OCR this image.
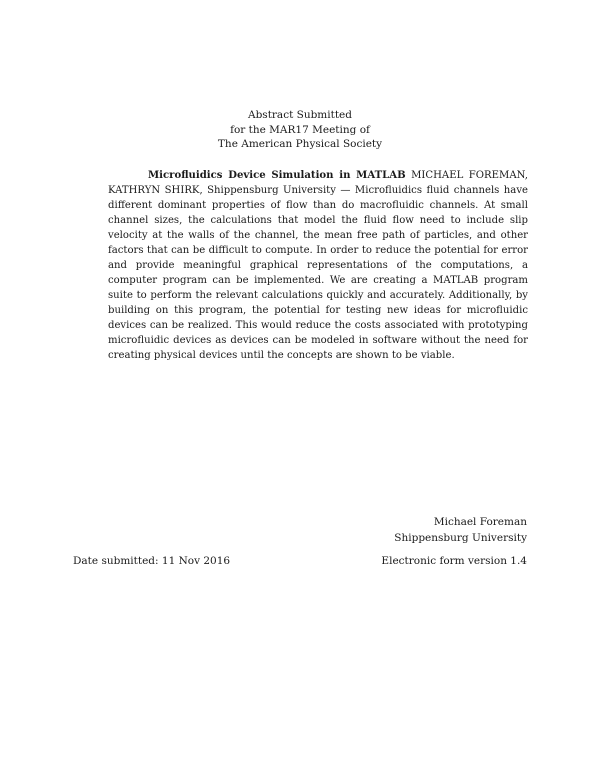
Abstract Submitted
for the MAR17 Meeting of
The American Physical Society
Microfluidics Device Simulation in MATLAB MICHAEL FOREMAN, KATHRYN SHIRK, Shippensburg University — Microfluidics fluid channels have different dominant properties of flow than do macrofluidic channels. At small channel sizes, the calculations that model the fluid flow need to include slip velocity at the walls of the channel, the mean free path of particles, and other factors that can be difficult to compute. In order to reduce the potential for error and provide meaningful graphical representations of the computations, a computer program can be implemented. We are creating a MATLAB program suite to perform the relevant calculations quickly and accurately. Additionally, by building on this program, the potential for testing new ideas for microfluidic devices can be realized. This would reduce the costs associated with prototyping microfluidic devices as devices can be modeled in software without the need for creating physical devices until the concepts are shown to be viable.
Michael Foreman
Shippensburg University
Date submitted: 11 Nov 2016	Electronic form version 1.4
